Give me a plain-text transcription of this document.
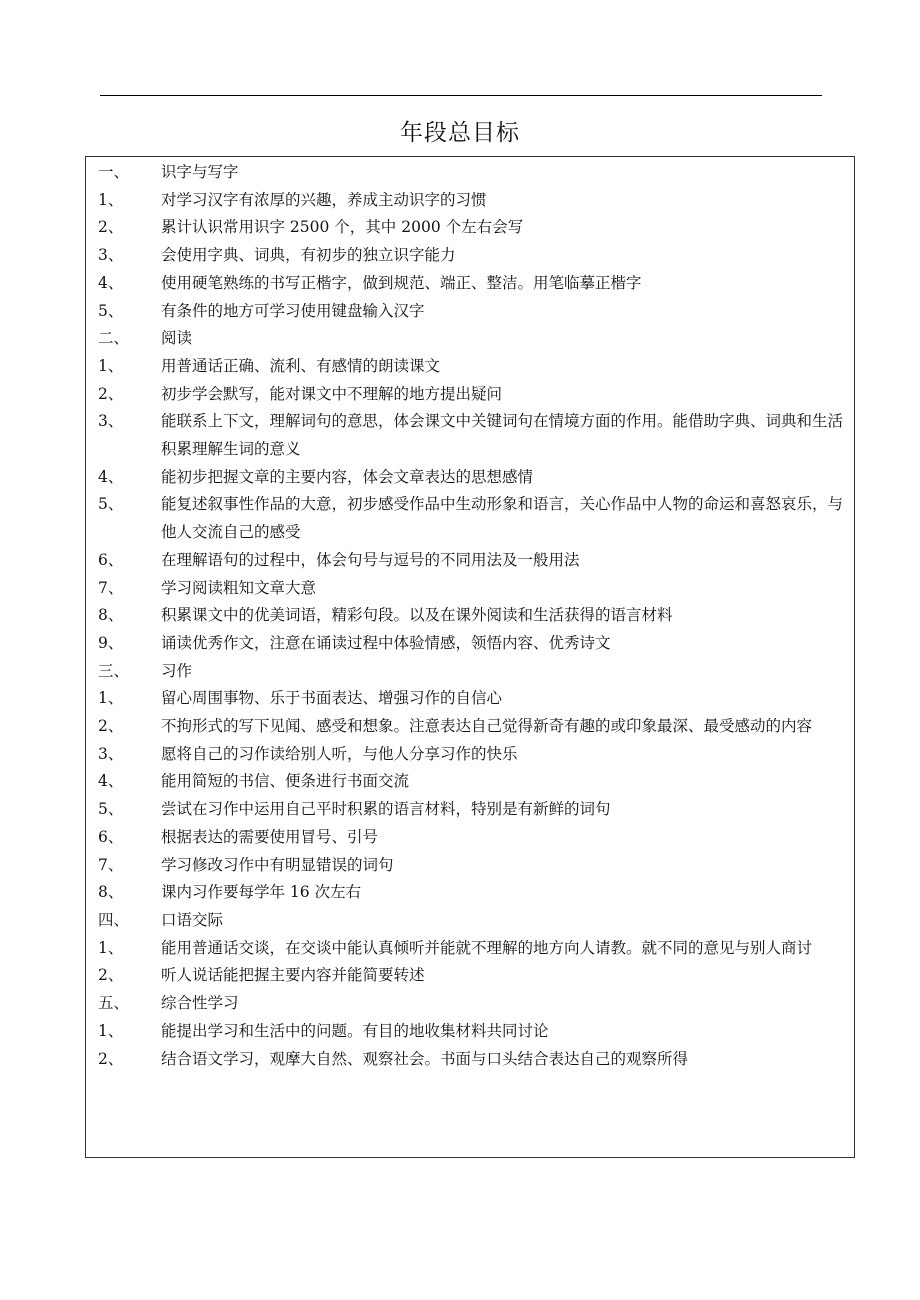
年段总目标
一、	识字与写字
1、	对学习汉字有浓厚的兴趣，养成主动识字的习惯
2、	累计认识常用识字 2500 个，其中 2000 个左右会写
3、	会使用字典、词典，有初步的独立识字能力
4、	使用硬笔熟练的书写正楷字，做到规范、端正、整洁。用笔临摹正楷字
5、	有条件的地方可学习使用键盘输入汉字
二、	阅读
1、	用普通话正确、流利、有感情的朗读课文
2、	初步学会默写，能对课文中不理解的地方提出疑问
3、	能联系上下文，理解词句的意思，体会课文中关键词句在情境方面的作用。能借助字典、词典和生活积累理解生词的意义
4、	能初步把握文章的主要内容，体会文章表达的思想感情
5、	能复述叙事性作品的大意，初步感受作品中生动形象和语言，关心作品中人物的命运和喜怒哀乐，与他人交流自己的感受
6、	在理解语句的过程中，体会句号与逗号的不同用法及一般用法
7、	学习阅读粗知文章大意
8、	积累课文中的优美词语，精彩句段。以及在课外阅读和生活获得的语言材料
9、	诵读优秀作文，注意在诵读过程中体验情感，领悟内容、优秀诗文
三、	习作
1、	留心周围事物、乐于书面表达、增强习作的自信心
2、	不拘形式的写下见闻、感受和想象。注意表达自己觉得新奇有趣的或印象最深、最受感动的内容
3、	愿将自己的习作读给别人听，与他人分享习作的快乐
4、	能用简短的书信、便条进行书面交流
5、	尝试在习作中运用自己平时积累的语言材料，特别是有新鲜的词句
6、	根据表达的需要使用冒号、引号
7、	学习修改习作中有明显错误的词句
8、	课内习作要每学年 16 次左右
四、	口语交际
1、	能用普通话交谈，在交谈中能认真倾听并能就不理解的地方向人请教。就不同的意见与别人商讨
2、	听人说话能把握主要内容并能简要转述
五、	综合性学习
1、	能提出学习和生活中的问题。有目的地收集材料共同讨论
2、	结合语文学习，观摩大自然、观察社会。书面与口头结合表达自己的观察所得
